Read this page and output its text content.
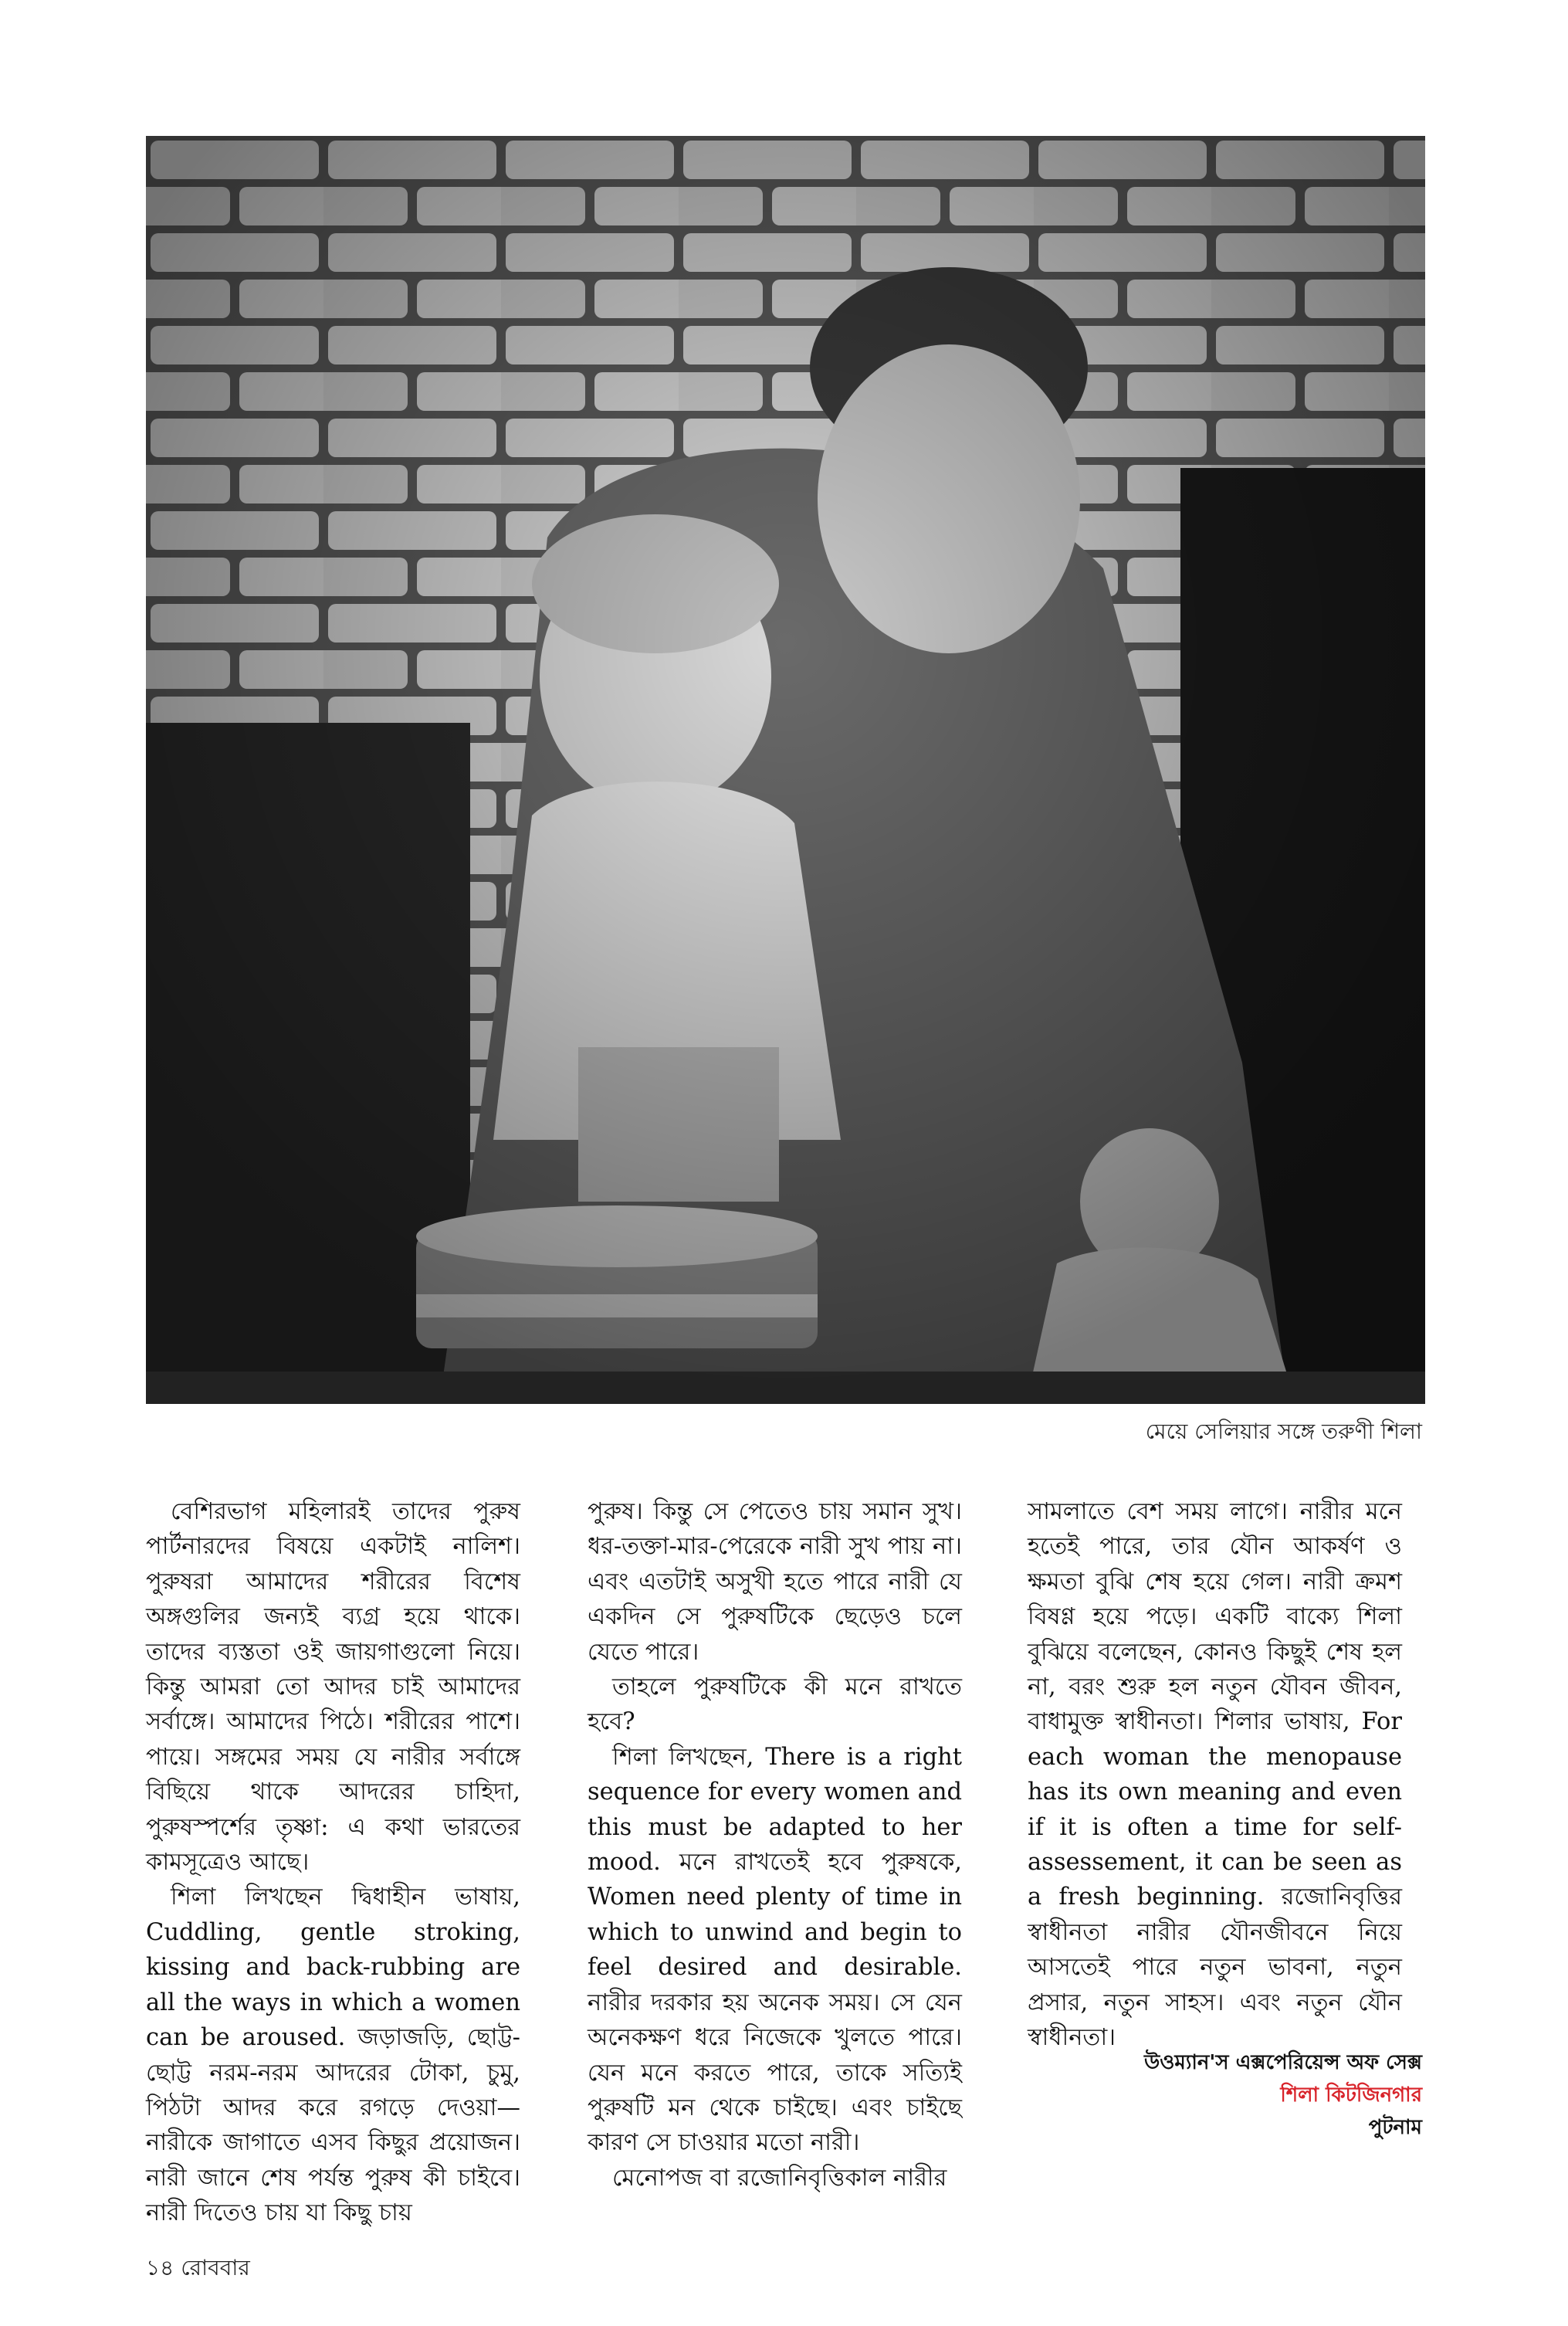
মেয়ে সেলিয়ার সঙ্গে তরুণী শিলা

বেশিরভাগ মহিলারই তাদের পুরুষ পার্টনারদের বিষয়ে একটাই নালিশ। পুরুষরা আমাদের শরীরের বিশেষ অঙ্গগুলির জন্যই ব্যগ্র হয়ে থাকে। তাদের ব্যস্ততা ওই জায়গাগুলো নিয়ে। কিন্তু আমরা তো আদর চাই আমাদের সর্বাঙ্গে। আমাদের পিঠে। শরীরের পাশে। পায়ে। সঙ্গমের সময় যে নারীর সর্বাঙ্গে বিছিয়ে থাকে আদরের চাহিদা, পুরুষস্পর্শের তৃষ্ণা: এ কথা ভারতের কামসূত্রেও আছে।

শিলা লিখছেন দ্বিধাহীন ভাষায়, Cuddling, gentle stroking, kissing and back-rubbing are all the ways in which a women can be aroused. জড়াজড়ি, ছোট্ট-ছোট্ট নরম-নরম আদরের টোকা, চুমু, পিঠটা আদর করে রগড়ে দেওয়া— নারীকে জাগাতে এসব কিছুর প্রয়োজন। নারী জানে শেষ পর্যন্ত পুরুষ কী চাইবে। নারী দিতেও চায় যা কিছু চায়

পুরুষ। কিন্তু সে পেতেও চায় সমান সুখ। ধর-তক্তা-মার-পেরেকে নারী সুখ পায় না। এবং এতটাই অসুখী হতে পারে নারী যে একদিন সে পুরুষটিকে ছেড়েও চলে যেতে পারে।

তাহলে পুরুষটিকে কী মনে রাখতে হবে?

শিলা লিখছেন, There is a right sequence for every women and this must be adapted to her mood. মনে রাখতেই হবে পুরুষকে, Women need plenty of time in which to unwind and begin to feel desired and desirable. নারীর দরকার হয় অনেক সময়। সে যেন অনেকক্ষণ ধরে নিজেকে খুলতে পারে। যেন মনে করতে পারে, তাকে সত্যিই পুরুষটি মন থেকে চাইছে। এবং চাইছে কারণ সে চাওয়ার মতো নারী।

মেনোপজ বা রজোনিবৃত্তিকাল নারীর

সামলাতে বেশ সময় লাগে। নারীর মনে হতেই পারে, তার যৌন আকর্ষণ ও ক্ষমতা বুঝি শেষ হয়ে গেল। নারী ক্রমশ বিষণ্ণ হয়ে পড়ে। একটি বাক্যে শিলা বুঝিয়ে বলেছেন, কোনও কিছুই শেষ হল না, বরং শুরু হল নতুন যৌবন জীবন, বাধামুক্ত স্বাধীনতা। শিলার ভাষায়, For each woman the menopause has its own meaning and even if it is often a time for self-assessement, it can be seen as a fresh beginning. রজোনিবৃত্তির স্বাধীনতা নারীর যৌনজীবনে নিয়ে আসতেই পারে নতুন ভাবনা, নতুন প্রসার, নতুন সাহস। এবং নতুন যৌন স্বাধীনতা।

উওম্যান'স এক্সপেরিয়েন্স অফ সেক্স
শিলা কিটজিনগার
পুটনাম
১৪ রোববার
